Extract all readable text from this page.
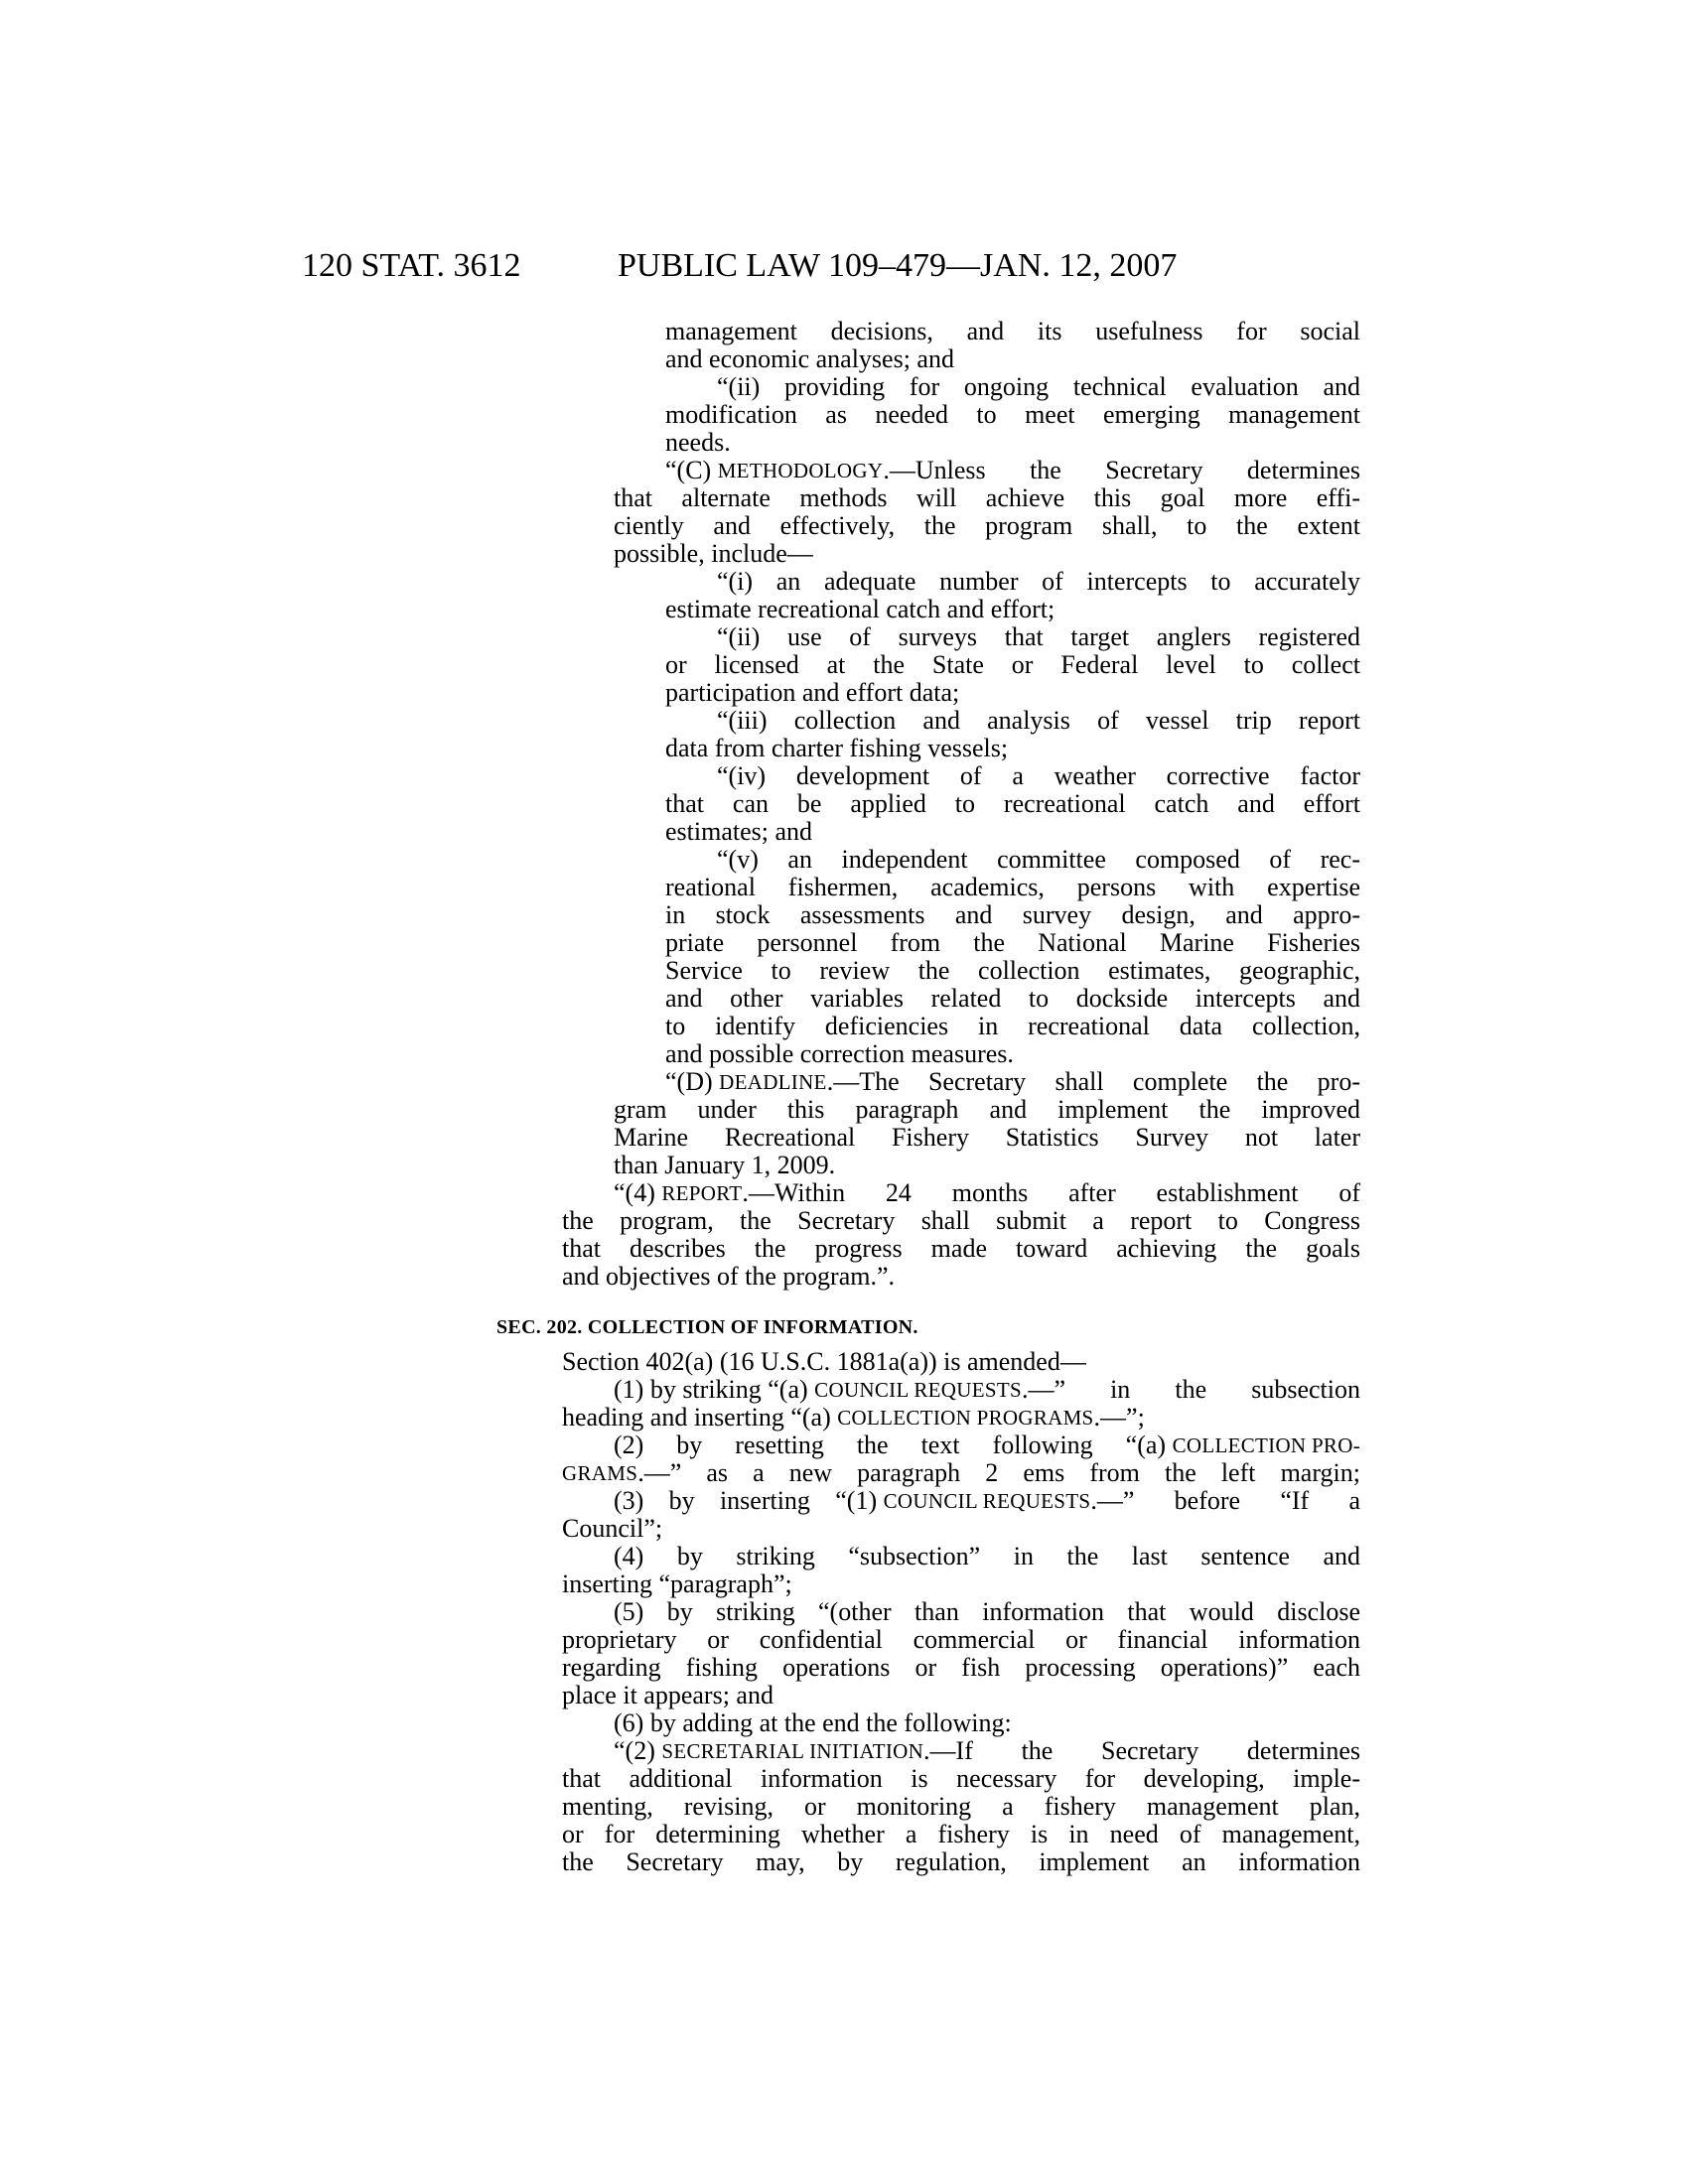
120 STAT. 3612	PUBLIC LAW 109–479—JAN. 12, 2007
management decisions, and its usefulness for social
and economic analyses; and
“(ii) providing for ongoing technical evaluation and
modification as needed to meet emerging management
needs.
“(C) METHODOLOGY .—Unless the Secretary determines
that alternate methods will achieve this goal more effi-
ciently and effectively, the program shall, to the extent
possible, include—
“(i) an adequate number of intercepts to accurately
estimate recreational catch and effort;
“(ii) use of surveys that target anglers registered
or licensed at the State or Federal level to collect
participation and effort data;
“(iii) collection and analysis of vessel trip report
data from charter fishing vessels;
“(iv) development of a weather corrective factor
that can be applied to recreational catch and effort
estimates; and
“(v) an independent committee composed of rec-
reational fishermen, academics, persons with expertise
in stock assessments and survey design, and appro-
priate personnel from the National Marine Fisheries
Service to review the collection estimates, geographic,
and other variables related to dockside intercepts and
to identify deficiencies in recreational data collection,
and possible correction measures.
“(D) DEADLINE .—The Secretary shall complete the pro-
gram under this paragraph and implement the improved
Marine Recreational Fishery Statistics Survey not later
than January 1, 2009.
“(4) REPORT .—Within 24 months after establishment of
the program, the Secretary shall submit a report to Congress
that describes the progress made toward achieving the goals
and objectives of the program.”.
SEC. 202. COLLECTION OF INFORMATION.
Section 402(a) (16 U.S.C. 1881a(a)) is amended—
(1) by striking “(a) COUNCIL REQUESTS .—” in the subsection
heading and inserting “(a) COLLECTION PROGRAMS .—”;
(2) by resetting the text following “(a) COLLECTION PRO-
GRAMS .—” as a new paragraph 2 ems from the left margin;
(3) by inserting “(1) COUNCIL REQUESTS .—” before “If a
Council”;
(4) by striking “subsection” in the last sentence and
inserting “paragraph”;
(5) by striking “(other than information that would disclose
proprietary or confidential commercial or financial information
regarding fishing operations or fish processing operations)” each
place it appears; and
(6) by adding at the end the following:
“(2) SECRETARIAL INITIATION .—If the Secretary determines
that additional information is necessary for developing, imple-
menting, revising, or monitoring a fishery management plan,
or for determining whether a fishery is in need of management,
the Secretary may, by regulation, implement an information
